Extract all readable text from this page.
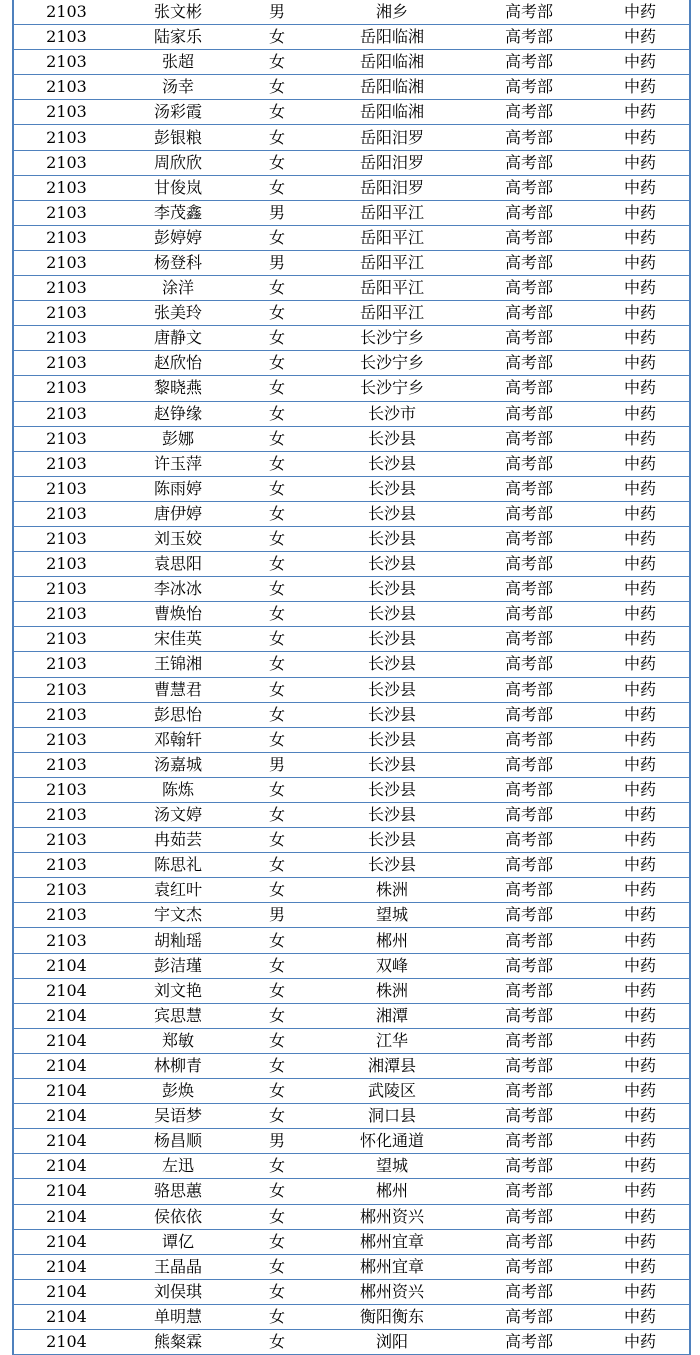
2103	张文彬	男	湘乡	高考部	中药
2103	陆家乐	女	岳阳临湘	高考部	中药
2103	张超	女	岳阳临湘	高考部	中药
2103	汤幸	女	岳阳临湘	高考部	中药
2103	汤彩霞	女	岳阳临湘	高考部	中药
2103	彭银粮	女	岳阳汨罗	高考部	中药
2103	周欣欣	女	岳阳汨罗	高考部	中药
2103	甘俊岚	女	岳阳汨罗	高考部	中药
2103	李茂鑫	男	岳阳平江	高考部	中药
2103	彭婷婷	女	岳阳平江	高考部	中药
2103	杨登科	男	岳阳平江	高考部	中药
2103	涂洋	女	岳阳平江	高考部	中药
2103	张美玲	女	岳阳平江	高考部	中药
2103	唐静文	女	长沙宁乡	高考部	中药
2103	赵欣怡	女	长沙宁乡	高考部	中药
2103	黎晓燕	女	长沙宁乡	高考部	中药
2103	赵铮缘	女	长沙市	高考部	中药
2103	彭娜	女	长沙县	高考部	中药
2103	许玉萍	女	长沙县	高考部	中药
2103	陈雨婷	女	长沙县	高考部	中药
2103	唐伊婷	女	长沙县	高考部	中药
2103	刘玉姣	女	长沙县	高考部	中药
2103	袁思阳	女	长沙县	高考部	中药
2103	李冰冰	女	长沙县	高考部	中药
2103	曹焕怡	女	长沙县	高考部	中药
2103	宋佳英	女	长沙县	高考部	中药
2103	王锦湘	女	长沙县	高考部	中药
2103	曹慧君	女	长沙县	高考部	中药
2103	彭思怡	女	长沙县	高考部	中药
2103	邓翰轩	女	长沙县	高考部	中药
2103	汤嘉城	男	长沙县	高考部	中药
2103	陈炼	女	长沙县	高考部	中药
2103	汤文婷	女	长沙县	高考部	中药
2103	冉茹芸	女	长沙县	高考部	中药
2103	陈思礼	女	长沙县	高考部	中药
2103	袁红叶	女	株洲	高考部	中药
2103	宇文杰	男	望城	高考部	中药
2103	胡籼瑶	女	郴州	高考部	中药
2104	彭洁瑾	女	双峰	高考部	中药
2104	刘文艳	女	株洲	高考部	中药
2104	宾思慧	女	湘潭	高考部	中药
2104	郑敏	女	江华	高考部	中药
2104	林柳青	女	湘潭县	高考部	中药
2104	彭焕	女	武陵区	高考部	中药
2104	吴语梦	女	洞口县	高考部	中药
2104	杨昌顺	男	怀化通道	高考部	中药
2104	左迅	女	望城	高考部	中药
2104	骆思蕙	女	郴州	高考部	中药
2104	侯依依	女	郴州资兴	高考部	中药
2104	谭亿	女	郴州宜章	高考部	中药
2104	王晶晶	女	郴州宜章	高考部	中药
2104	刘俣琪	女	郴州资兴	高考部	中药
2104	单明慧	女	衡阳衡东	高考部	中药
2104	熊粲霖	女	浏阳	高考部	中药
